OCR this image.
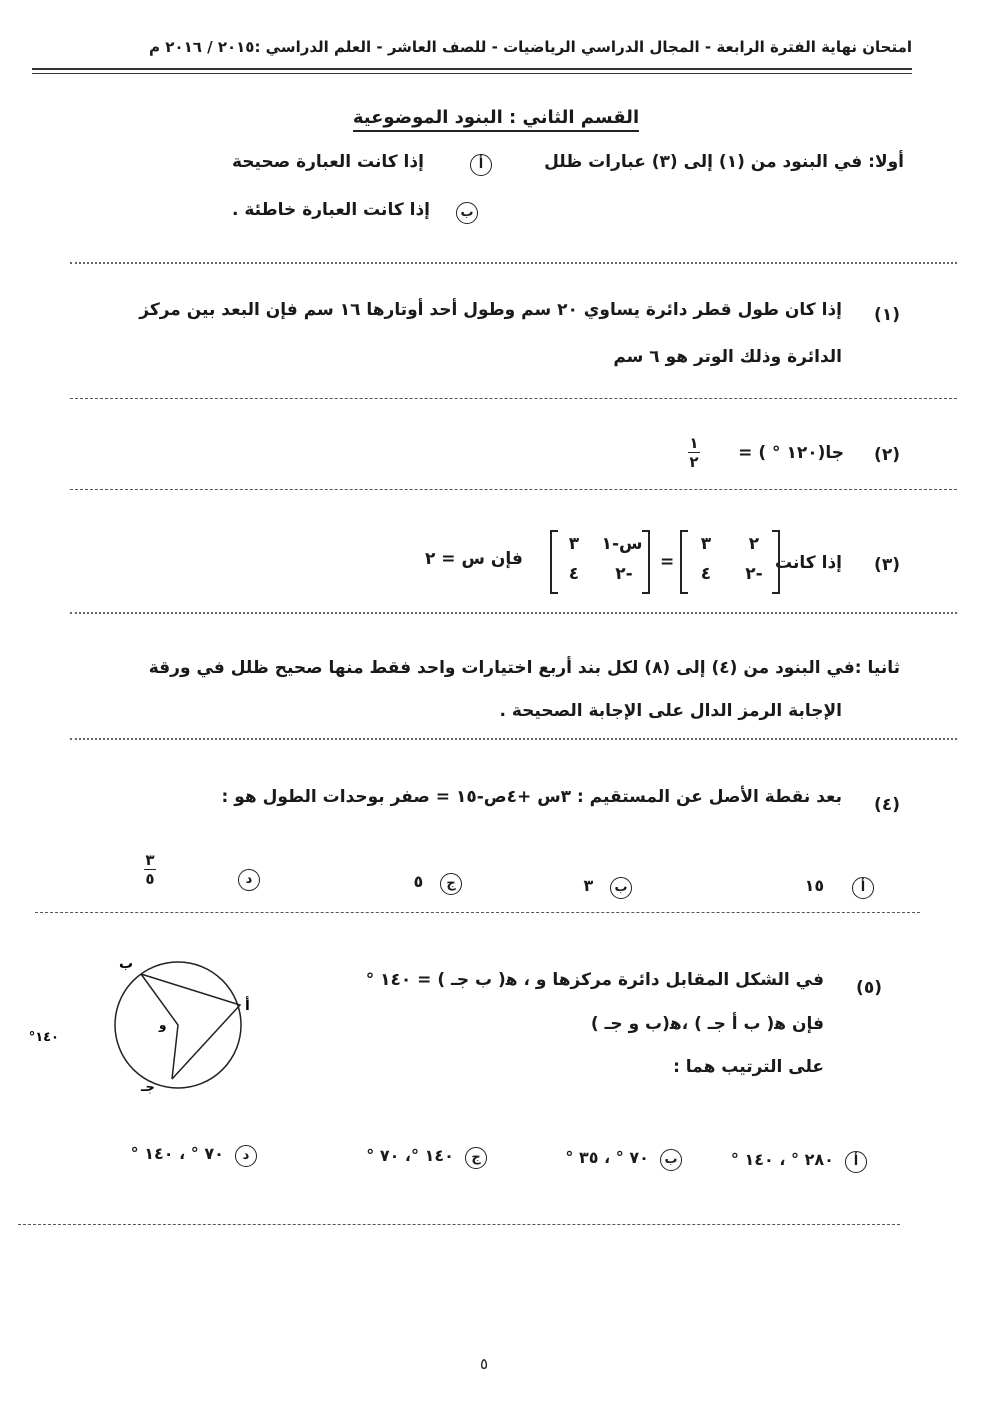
امتحان نهاية الفترة الرابعة - المجال الدراسي الرياضيات - للصف العاشر - العلم الدراسي :٢٠١٥ / ٢٠١٦ م
القسم الثاني : البنود الموضوعية
أولا: في البنود من (١) إلى (٣) عبارات ظلل
أ
إذا كانت العبارة صحيحة
ب
إذا كانت العبارة خاطئة .
(١)
إذا كان طول قطر دائرة يساوي ٢٠ سم وطول أحد أوتارها ١٦ سم فإن البعد بين مركز
الدائرة وذلك الوتر هو ٦ سم
(٢)
جا(١٢٠ ° ) =
١
٢
(٣)
إذا كانت
٢
٣
٢-
٤
=
س-١
٣
٢-
٤
فإن س = ٢
ثانيا :في البنود من (٤) إلى (٨) لكل بند أربع اختيارات واحد فقط منها صحيح ظلل في ورقة
الإجابة الرمز الدال على الإجابة الصحيحة .
(٤)
بعد نقطة الأصل عن المستقيم : ٣س +٤ص-١٥ = صفر بوحدات الطول هو :
أ     ١٥
ب   ٣
ج   ٥
د
٣
٥
(٥)
في الشكل المقابل دائرة مركزها و ، ﻫ( ب جـ ) = ١٤٠ °
فإن ﻫ( ب أ جـ ) ،ﻫ(ب و جـ )
على الترتيب هما :
ب
أ
جـ
و
١٤٠°
أ  ٢٨٠ ° ، ١٤٠ °
ب  ٧٠ ° ، ٣٥ °
ج  ١٤٠ °، ٧٠ °
د  ٧٠ ° ، ١٤٠ °
٥
